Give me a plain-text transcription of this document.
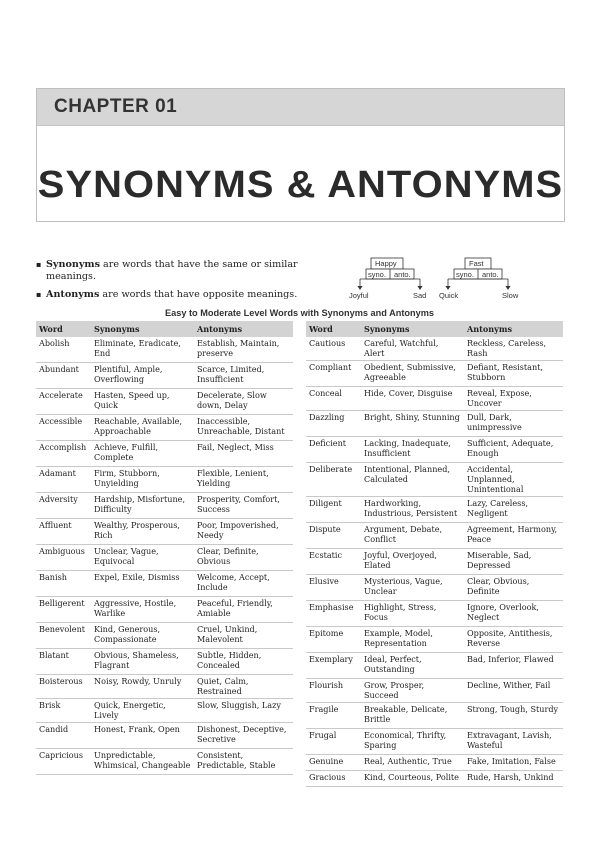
CHAPTER 01
SYNONYMS & ANTONYMS
▪ Synonyms are words that have the same or similar meanings.
▪ Antonyms are words that have opposite meanings.
Happy
syno. anto.
Joyful	Sad
Fast
syno. anto.
Quick	Slow
Easy to Moderate Level Words with Synonyms and Antonyms
Word	Synonyms	Antonyms
Abolish	Eliminate, Eradicate, End	Establish, Maintain, preserve
Abundant	Plentiful, Ample, Overflowing	Scarce, Limited, Insufficient
Accelerate	Hasten, Speed up, Quick	Decelerate, Slow down, Delay
Accessible	Reachable, Available, Approachable	Inaccessible, Unreachable, Distant
Accomplish	Achieve, Fulfill, Complete	Fail, Neglect, Miss
Adamant	Firm, Stubborn, Unyielding	Flexible, Lenient, Yielding
Adversity	Hardship, Misfortune, Difficulty	Prosperity, Comfort, Success
Affluent	Wealthy, Prosperous, Rich	Poor, Impoverished, Needy
Ambiguous	Unclear, Vague, Equivocal	Clear, Definite, Obvious
Banish	Expel, Exile, Dismiss	Welcome, Accept, Include
Belligerent	Aggressive, Hostile, Warlike	Peaceful, Friendly, Amiable
Benevolent	Kind, Generous, Compassionate	Cruel, Unkind, Malevolent
Blatant	Obvious, Shameless, Flagrant	Subtle, Hidden, Concealed
Boisterous	Noisy, Rowdy, Unruly	Quiet, Calm, Restrained
Brisk	Quick, Energetic, Lively	Slow, Sluggish, Lazy
Candid	Honest, Frank, Open	Dishonest, Deceptive, Secretive
Capricious	Unpredictable, Whimsical, Changeable	Consistent, Predictable, Stable
Word	Synonyms	Antonyms
Cautious	Careful, Watchful, Alert	Reckless, Careless, Rash
Compliant	Obedient, Submissive, Agreeable	Defiant, Resistant, Stubborn
Conceal	Hide, Cover, Disguise	Reveal, Expose, Uncover
Dazzling	Bright, Shiny, Stunning	Dull, Dark, unimpressive
Deficient	Lacking, Inadequate, Insufficient	Sufficient, Adequate, Enough
Deliberate	Intentional, Planned, Calculated	Accidental, Unplanned, Unintentional
Diligent	Hardworking, Industrious, Persistent	Lazy, Careless, Negligent
Dispute	Argument, Debate, Conflict	Agreement, Harmony, Peace
Ecstatic	Joyful, Overjoyed, Elated	Miserable, Sad, Depressed
Elusive	Mysterious, Vague, Unclear	Clear, Obvious, Definite
Emphasise	Highlight, Stress, Focus	Ignore, Overlook, Neglect
Epitome	Example, Model, Representation	Opposite, Antithesis, Reverse
Exemplary	Ideal, Perfect, Outstanding	Bad, Inferior, Flawed
Flourish	Grow, Prosper, Succeed	Decline, Wither, Fail
Fragile	Breakable, Delicate, Brittle	Strong, Tough, Sturdy
Frugal	Economical, Thrifty, Sparing	Extravagant, Lavish, Wasteful
Genuine	Real, Authentic, True	Fake, Imitation, False
Gracious	Kind, Courteous, Polite	Rude, Harsh, Unkind
